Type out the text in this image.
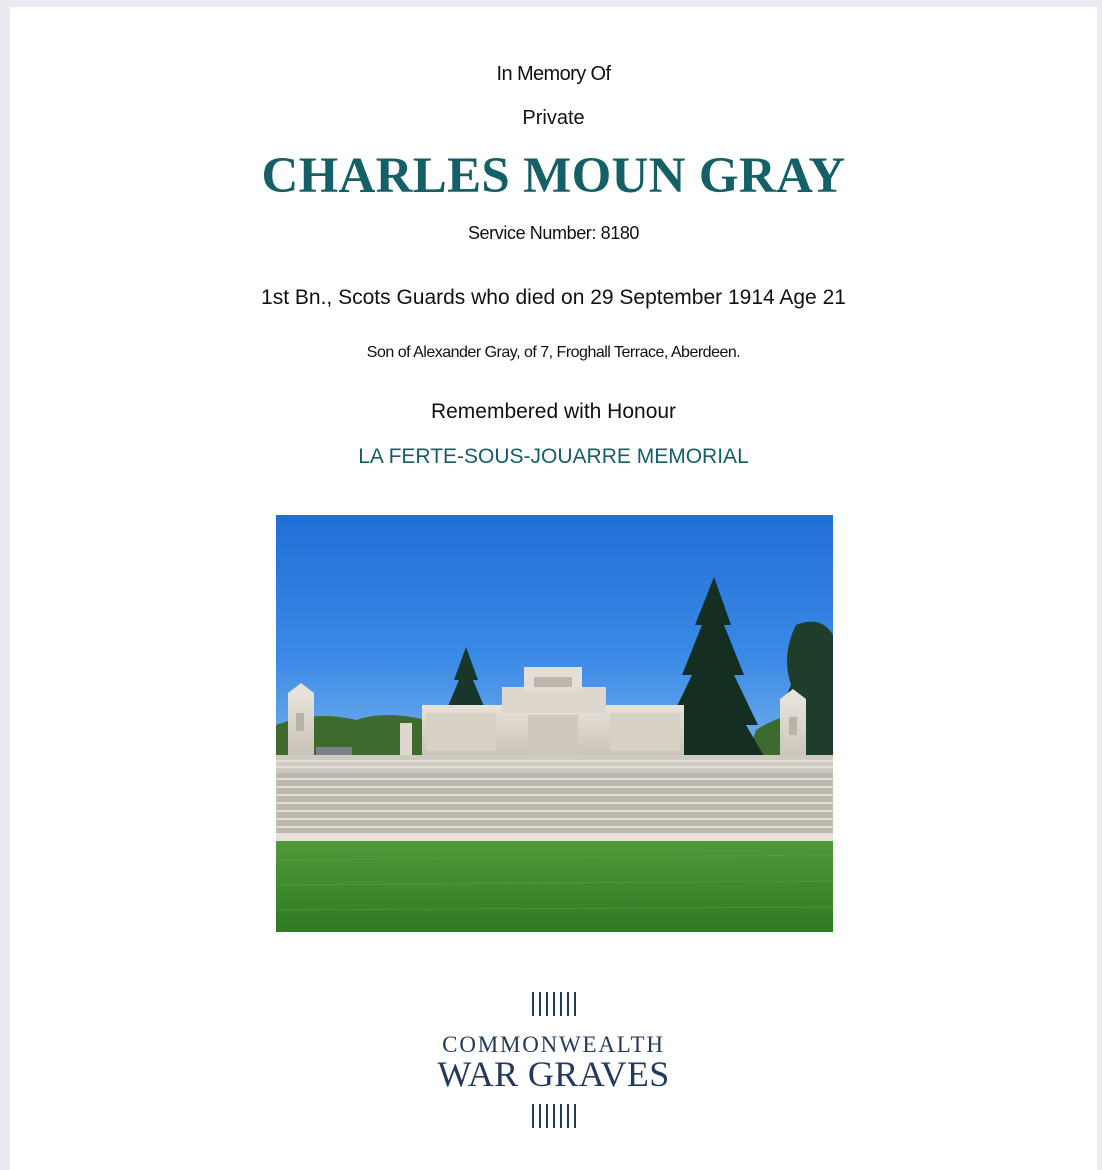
In Memory Of
Private
CHARLES MOUN GRAY
Service Number: 8180
1st Bn., Scots Guards who died on 29 September 1914 Age 21
Son of Alexander Gray, of 7, Froghall Terrace, Aberdeen.
Remembered with Honour
LA FERTE-SOUS-JOUARRE MEMORIAL
COMMONWEALTH
WAR GRAVES
